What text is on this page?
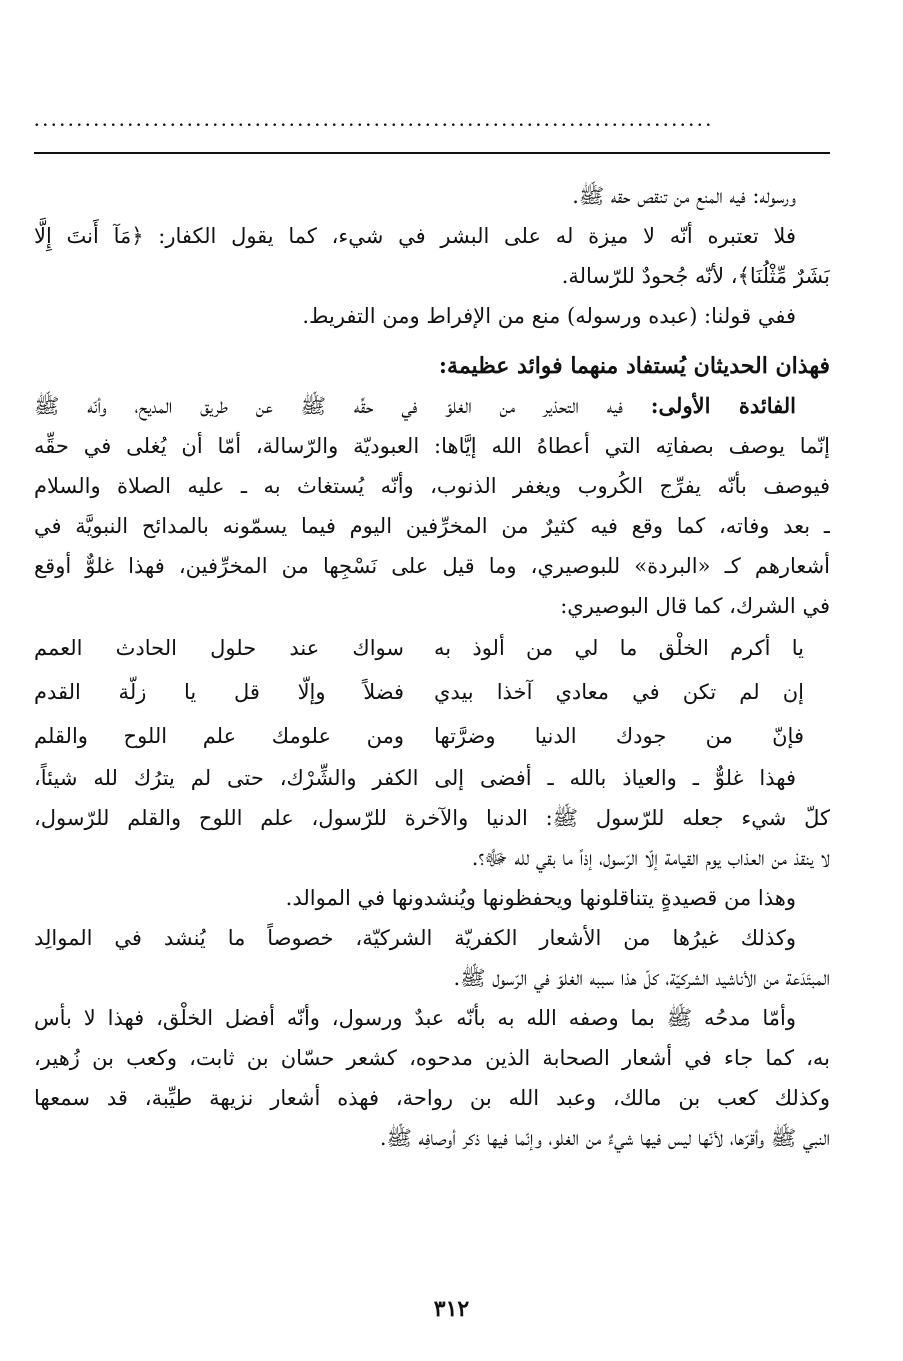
................................................................................
ورسوله: فيه المنع من تنقص حقه ﷺ.
فلا تعتبره أنّه لا ميزة له على البشر في شيء، كما يقول الكفار: ﴿مَآ أَنتَ إِلَّا
بَشَرٌ مِّثْلُنَا﴾، لأنّه جُحودٌ للرّسالة.
ففي قولنا: (عبده ورسوله) منع من الإفراط ومن التفريط.
فهذان الحديثان يُستفاد منهما فوائد عظيمة:
الفائدة الأولى: فيه التحذير من الغلوّ في حقِّه ﷺ عن طريق المديح، وأنّه ﷺ
إنّما يوصف بصفاتِه التي أعطاهُ الله إيَّاها: العبوديّة والرّسالة، أمّا أن يُغلى في حقِّه
فيوصف بأنّه يفرِّج الكُروب ويغفر الذنوب، وأنّه يُستغاث به ـ عليه الصلاة والسلام
ـ بعد وفاته، كما وقع فيه كثيرٌ من المخرِّفين اليوم فيما يسمّونه بالمدائح النبويَّة في
أشعارهم كـ «البردة» للبوصيري، وما قيل على نَسْجِها من المخرِّفين، فهذا غلوٌّ أوقع
في الشرك، كما قال البوصيري:
يا أكرم الخلْق ما لي من ألوذ به
سواك عند حلول الحادث العمم
إن لم تكن في معادي آخذا بيدي
فضلاً وإلّا قل يا زلّة القدم
فإنّ من جودك الدنيا وضرَّتها
ومن علومك علم اللوح والقلم
فهذا غلوٌّ ـ والعياذ بالله ـ أفضى إلى الكفر والشِّرْك، حتى لم يترُك لله شيئاً،
كلّ شيء جعله للرّسول ﷺ: الدنيا والآخرة للرّسول، علم اللوح والقلم للرّسول،
لا ينقذ من العذاب يوم القيامة إلّا الرّسول، إذاً ما بقي لله ﷻ؟.
وهذا من قصيدةٍ يتناقلونها ويحفظونها ويُنشدونها في الموالد.
وكذلك غيرُها من الأشعار الكفريّة الشركيّة، خصوصاً ما يُنشد في الموالِد
المبتَدَعة من الأناشيد الشركيّة، كلّ هذا سببه الغلوّ في الرّسول ﷺ.
وأمّا مدحُه ﷺ بما وصفه الله به بأنّه عبدٌ ورسول، وأنّه أفضل الخلْق، فهذا لا بأس
به، كما جاء في أشعار الصحابة الذين مدحوه، كشعر حسّان بن ثابت، وكعب بن زُهير،
وكذلك كعب بن مالك، وعبد الله بن رواحة، فهذه أشعار نزيهة طيِّبة، قد سمعها
النبي ﷺ وأقرّها، لأنّها ليس فيها شيءٌ من الغلو، وإنّما فيها ذكر أوصافِه ﷺ.
٣١٢
